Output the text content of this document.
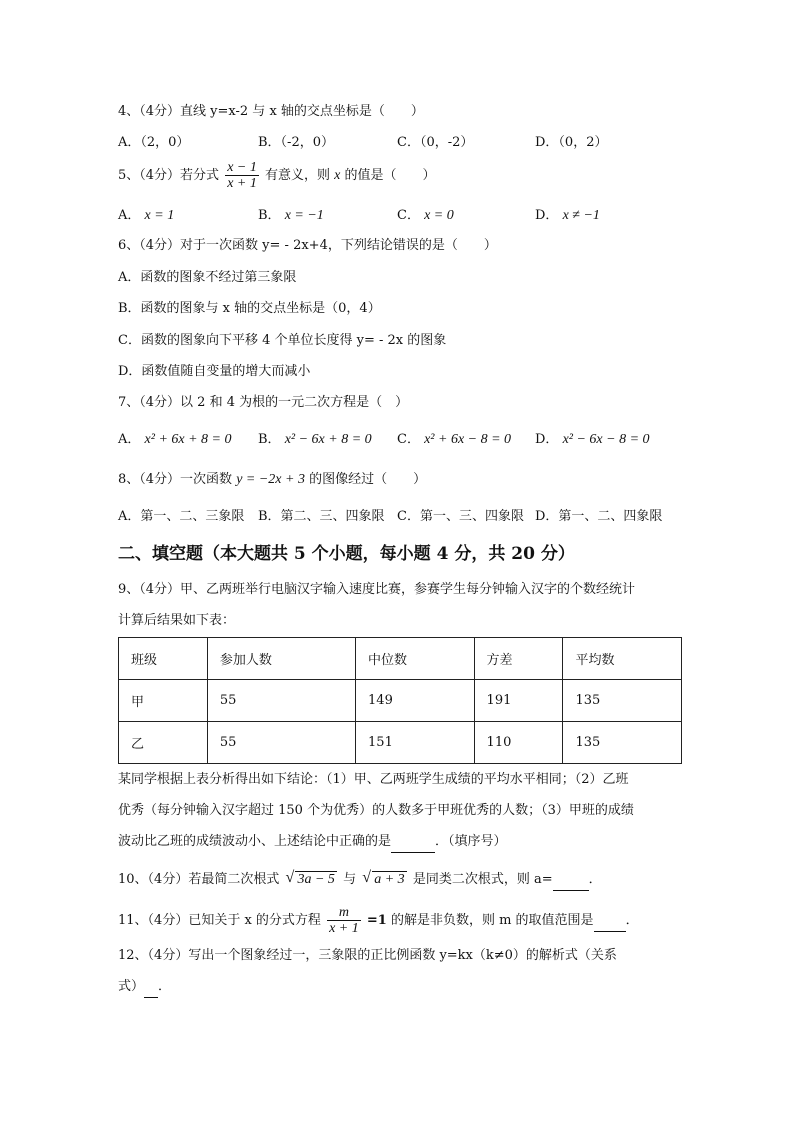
4、（4分）直线 y=x-2 与 x 轴的交点坐标是（　　）
A．（2，0）	B．（-2，0）	C．（0，-2）	D．（0，2）
5、（4分）若分式 $\frac{x - 1}{x + 1}$ 有意义，则 x 的值是（　　）
A． x = 1	B． x = −1	C． x = 0	D． x ≠ −1
6、（4分）对于一次函数 y= - 2x+4，下列结论错误的是（　　）
A．函数的图象不经过第三象限
B．函数的图象与 x 轴的交点坐标是（0，4）
C．函数的图象向下平移 4 个单位长度得 y= - 2x 的图象
D．函数值随自变量的增大而减小
7、（4分）以 2 和 4 为根的一元二次方程是（　）
A． x² + 6x + 8 = 0 B． x² − 6x + 8 = 0 C． x² + 6x − 8 = 0 D． x² − 6x − 8 = 0
8、（4分）一次函数 y = −2x + 3 的图像经过（　　）
A．第一、二、三象限 B．第二、三、四象限 C．第一、三、四象限 D．第一、二、四象限
二、填空题（本大题共 5 个小题，每小题 4 分，共 20 分）
9、（4分）甲、乙两班举行电脑汉字输入速度比赛，参赛学生每分钟输入汉字的个数经统计
计算后结果如下表：
班级	参加人数	中位数	方差	平均数
甲	55	149	191	135
乙	55	151	110	135
某同学根据上表分析得出如下结论：（1）甲、乙两班学生成绩的平均水平相同；（2）乙班
优秀（每分钟输入汉字超过 150 个为优秀）的人数多于甲班优秀的人数；（3）甲班的成绩
波动比乙班的成绩波动小、上述结论中正确的是	．（填序号）
10、（4分）若最简二次根式 √ 3a − 5 与 √ a + 3 是同类二次根式，则 a=	．
11、（4分）已知关于 x 的分式方程 $\frac{m}{x + 1} =1$ 的解是非负数，则 m 的取值范围是 ．
12、（4分）写出一个图象经过一，三象限的正比例函数 y=kx（k≠0）的解析式（关系
式） ．
